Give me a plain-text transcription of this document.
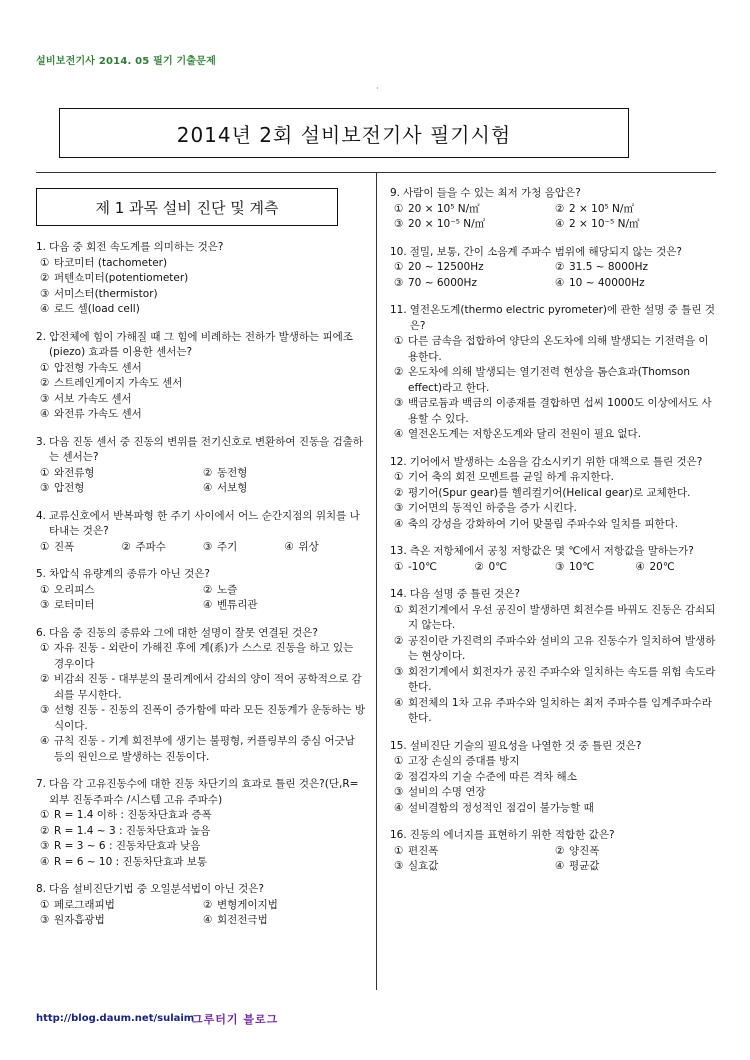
설비보전기사 2014. 05 필기 기출문제
·
2014년 2회 설비보전기사 필기시험
제 1 과목 설비 진단 및 계측
1. 다음 중 회전 속도계를 의미하는 것은?
① 타코미터 (tachometer)
② 퍼텐쇼미터(potentiometer)
③ 서미스터(thermistor)
④ 로드 셀(load cell)
2. 압전체에 힘이 가해질 때 그 힘에 비례하는 전하가 발생하는 피에조(piezo) 효과를 이용한 센서는?
① 압전형 가속도 센서
② 스트레인게이지 가속도 센서
③ 서보 가속도 센서
④ 와전류 가속도 센서
3. 다음 진동 센서 중 진동의 변위를 전기신호로 변환하여 진동을 검출하는 센서는?
① 와전류형	② 동전형
③ 압전형	④ 서보형
4. 교류신호에서 반복파형 한 주기 사이에서 어느 순간지점의 위치를 나타내는 것은?
① 진폭	② 주파수	③ 주기	④ 위상
5. 차압식 유량계의 종류가 아닌 것은?
① 오리피스	② 노즐
③ 로터미터	④ 벤튜리관
6. 다음 중 진동의 종류와 그에 대한 설명이 잘못 연결된 것은?
① 자유 진동 - 외란이 가해진 후에 계(系)가 스스로 진동을 하고 있는 경우이다
② 비감쇠 진동 - 대부분의 물리계에서 감쇠의 양이 적어 공학적으로 감쇠를 무시한다.
③ 선형 진동 - 진동의 진폭이 증가함에 따라 모든 진동계가 운동하는 방식이다.
④ 규칙 진동 - 기계 회전부에 생기는 불평형, 커플링부의 중심 어긋남 등의 원인으로 발생하는 진동이다.
7. 다음 각 고유진동수에 대한 진동 차단기의 효과로 틀린 것은?(단,R=외부 진동주파수 /시스템 고유 주파수)
① R = 1.4 이하 : 진동차단효과 증폭
② R = 1.4 ~ 3 : 진동차단효과 높음
③ R = 3 ~ 6 : 진동차단효과 낮음
④ R = 6 ~ 10 : 진동차단효과 보통
8. 다음 설비진단기법 중 오일분석법이 아닌 것은?
① 페로그래피법	② 변형게이지법
③ 원자흡광법	④ 회전전극법
9. 사람이 들을 수 있는 최저 가청 음압은?
① 20 × 10⁵ N/㎡	② 2 × 10⁵ N/㎡
③ 20 × 10⁻⁵ N/㎡	④ 2 × 10⁻⁵ N/㎡
10. 절밀, 보통, 간이 소음계 주파수 범위에 해당되지 않는 것은?
① 20 ~ 12500Hz	② 31.5 ~ 8000Hz
③ 70 ~ 6000Hz	④ 10 ~ 40000Hz
11. 열전온도계(thermo electric pyrometer)에 관한 설명 중 틀린 것은?
① 다른 금속을 접합하여 양단의 온도차에 의해 발생되는 기전력을 이용한다.
② 온도차에 의해 발생되는 열기전력 현상을 톰슨효과(Thomson effect)라고 한다.
③ 백금로듐과 백금의 이종재를 결합하면 섭씨 1000도 이상에서도 사용할 수 있다.
④ 열전온도계는 저항온도계와 달리 전원이 필요 없다.
12. 기어에서 발생하는 소음을 감소시키기 위한 대책으로 틀린 것은?
① 기어 축의 회전 모멘트를 균일 하게 유지한다.
② 평기어(Spur gear)를 헬리컬기어(Helical gear)로 교체한다.
③ 기어면의 동적인 하중을 증가 시킨다.
④ 축의 강성을 강화하여 기어 맞물림 주파수와 일치를 피한다.
13. 측온 저항체에서 공칭 저항값은 몇 ℃에서 저항값을 말하는가?
① -10℃	② 0℃	③ 10℃	④ 20℃
14. 다음 설명 중 틀린 것은?
① 회전기계에서 우선 공진이 발생하면 회전수를 바꿔도 진동은 감쇠되지 않는다.
② 공진이란 가진력의 주파수와 설비의 고유 진동수가 일치하여 발생하는 현상이다.
③ 회전기계에서 회전자가 공진 주파수와 일치하는 속도를 위험 속도라 한다.
④ 회전체의 1차 고유 주파수와 일치하는 최저 주파수를 임계주파수라 한다.
15. 설비진단 기술의 필요성을 나열한 것 중 틀린 것은?
① 고장 손실의 증대를 방지
② 점검자의 기술 수준에 따른 격차 해소
③ 설비의 수명 연장
④ 설비결함의 정성적인 점검이 불가능할 때
16. 진동의 에너지를 표현하기 위한 적합한 값은?
① 편진폭	② 양진폭
③ 실효값	④ 평균값
http://blog.daum.net/sulaim
그루터기 블로그
